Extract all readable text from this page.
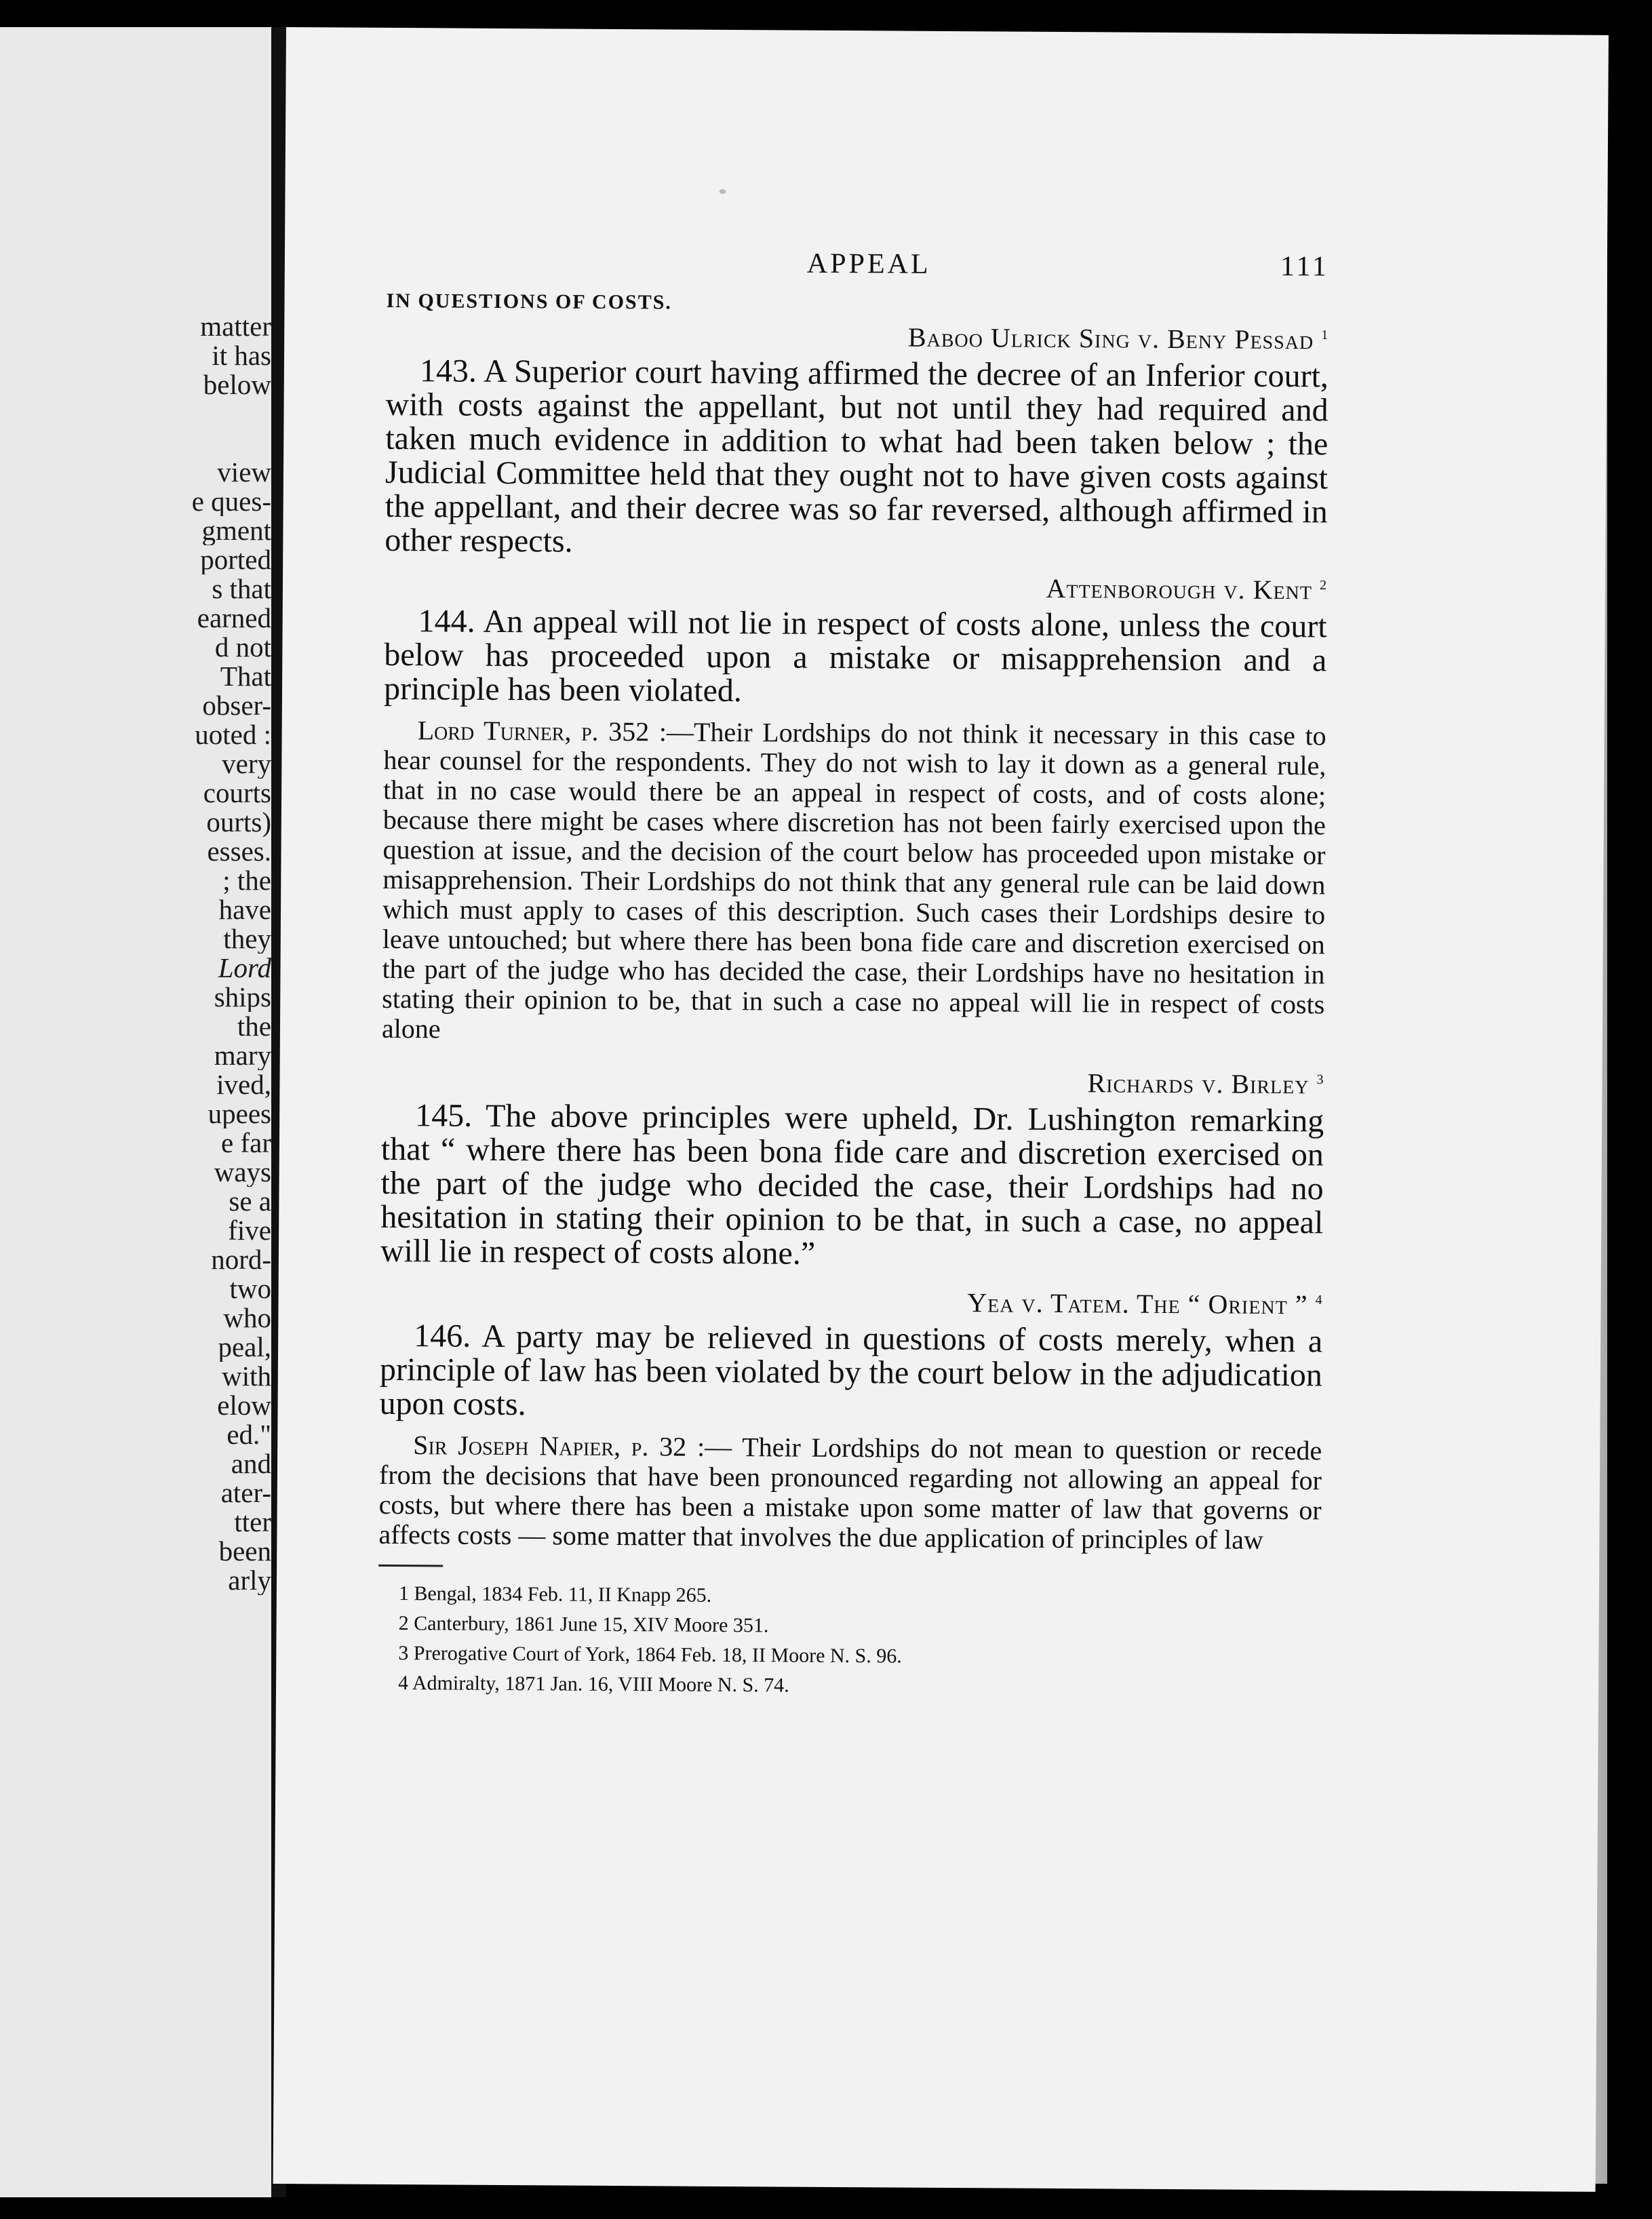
matter
it has
below

view
e ques-
gment
ported
s that
earned
d not
That
obser-
uoted :
very
courts
ourts)
esses.
; the
have
they
Lord
ships
the
mary
ived,
upees
e far
ways
se a
five
nord-
two
who
peal,
with
elow
ed."
and
ater-
tter
been
arly
APPEAL	111
IN QUESTIONS OF COSTS.
Baboo Ulrick Sing v. Beny Pessad $^1$

143. A Superior court having affirmed the decree of an Inferior court, with costs against the appellant, but not until they had required and taken much evidence in addition to what had been taken below ; the Judicial Committee held that they ought not to have given costs against the appellant, and their decree was so far reversed, although affirmed in other respects.

Attenborough v. Kent $^2$

144. An appeal will not lie in respect of costs alone, unless the court below has proceeded upon a mistake or misapprehension and a principle has been violated.

Lord Turner, p. 352 :—Their Lordships do not think it necessary in this case to hear counsel for the respondents. They do not wish to lay it down as a general rule, that in no case would there be an appeal in respect of costs, and of costs alone; because there might be cases where discretion has not been fairly exercised upon the question at issue, and the decision of the court below has proceeded upon mistake or misapprehension. Their Lordships do not think that any general rule can be laid down which must apply to cases of this description. Such cases their Lordships desire to leave untouched; but where there has been bona fide care and discretion exercised on the part of the judge who has decided the case, their Lordships have no hesitation in stating their opinion to be, that in such a case no appeal will lie in respect of costs alone

Richards v. Birley $^3$

145. The above principles were upheld, Dr. Lushington remarking that “ where there has been bona fide care and discretion exercised on the part of the judge who decided the case, their Lordships had no hesitation in stating their opinion to be that, in such a case, no appeal will lie in respect of costs alone.”

Yea v. Tatem. The “ Orient ” $^4$

146. A party may be relieved in questions of costs merely, when a principle of law has been violated by the court below in the adjudication upon costs.

Sir Joseph Napier, p. 32 :— Their Lordships do not mean to question or recede from the decisions that have been pronounced regarding not allowing an appeal for costs, but where there has been a mistake upon some matter of law that governs or affects costs — some matter that involves the due application of principles of law

1 Bengal, 1834 Feb. 11, II Knapp 265.
2 Canterbury, 1861 June 15, XIV Moore 351.
3 Prerogative Court of York, 1864 Feb. 18, II Moore N. S. 96.
4 Admiralty, 1871 Jan. 16, VIII Moore N. S. 74.
